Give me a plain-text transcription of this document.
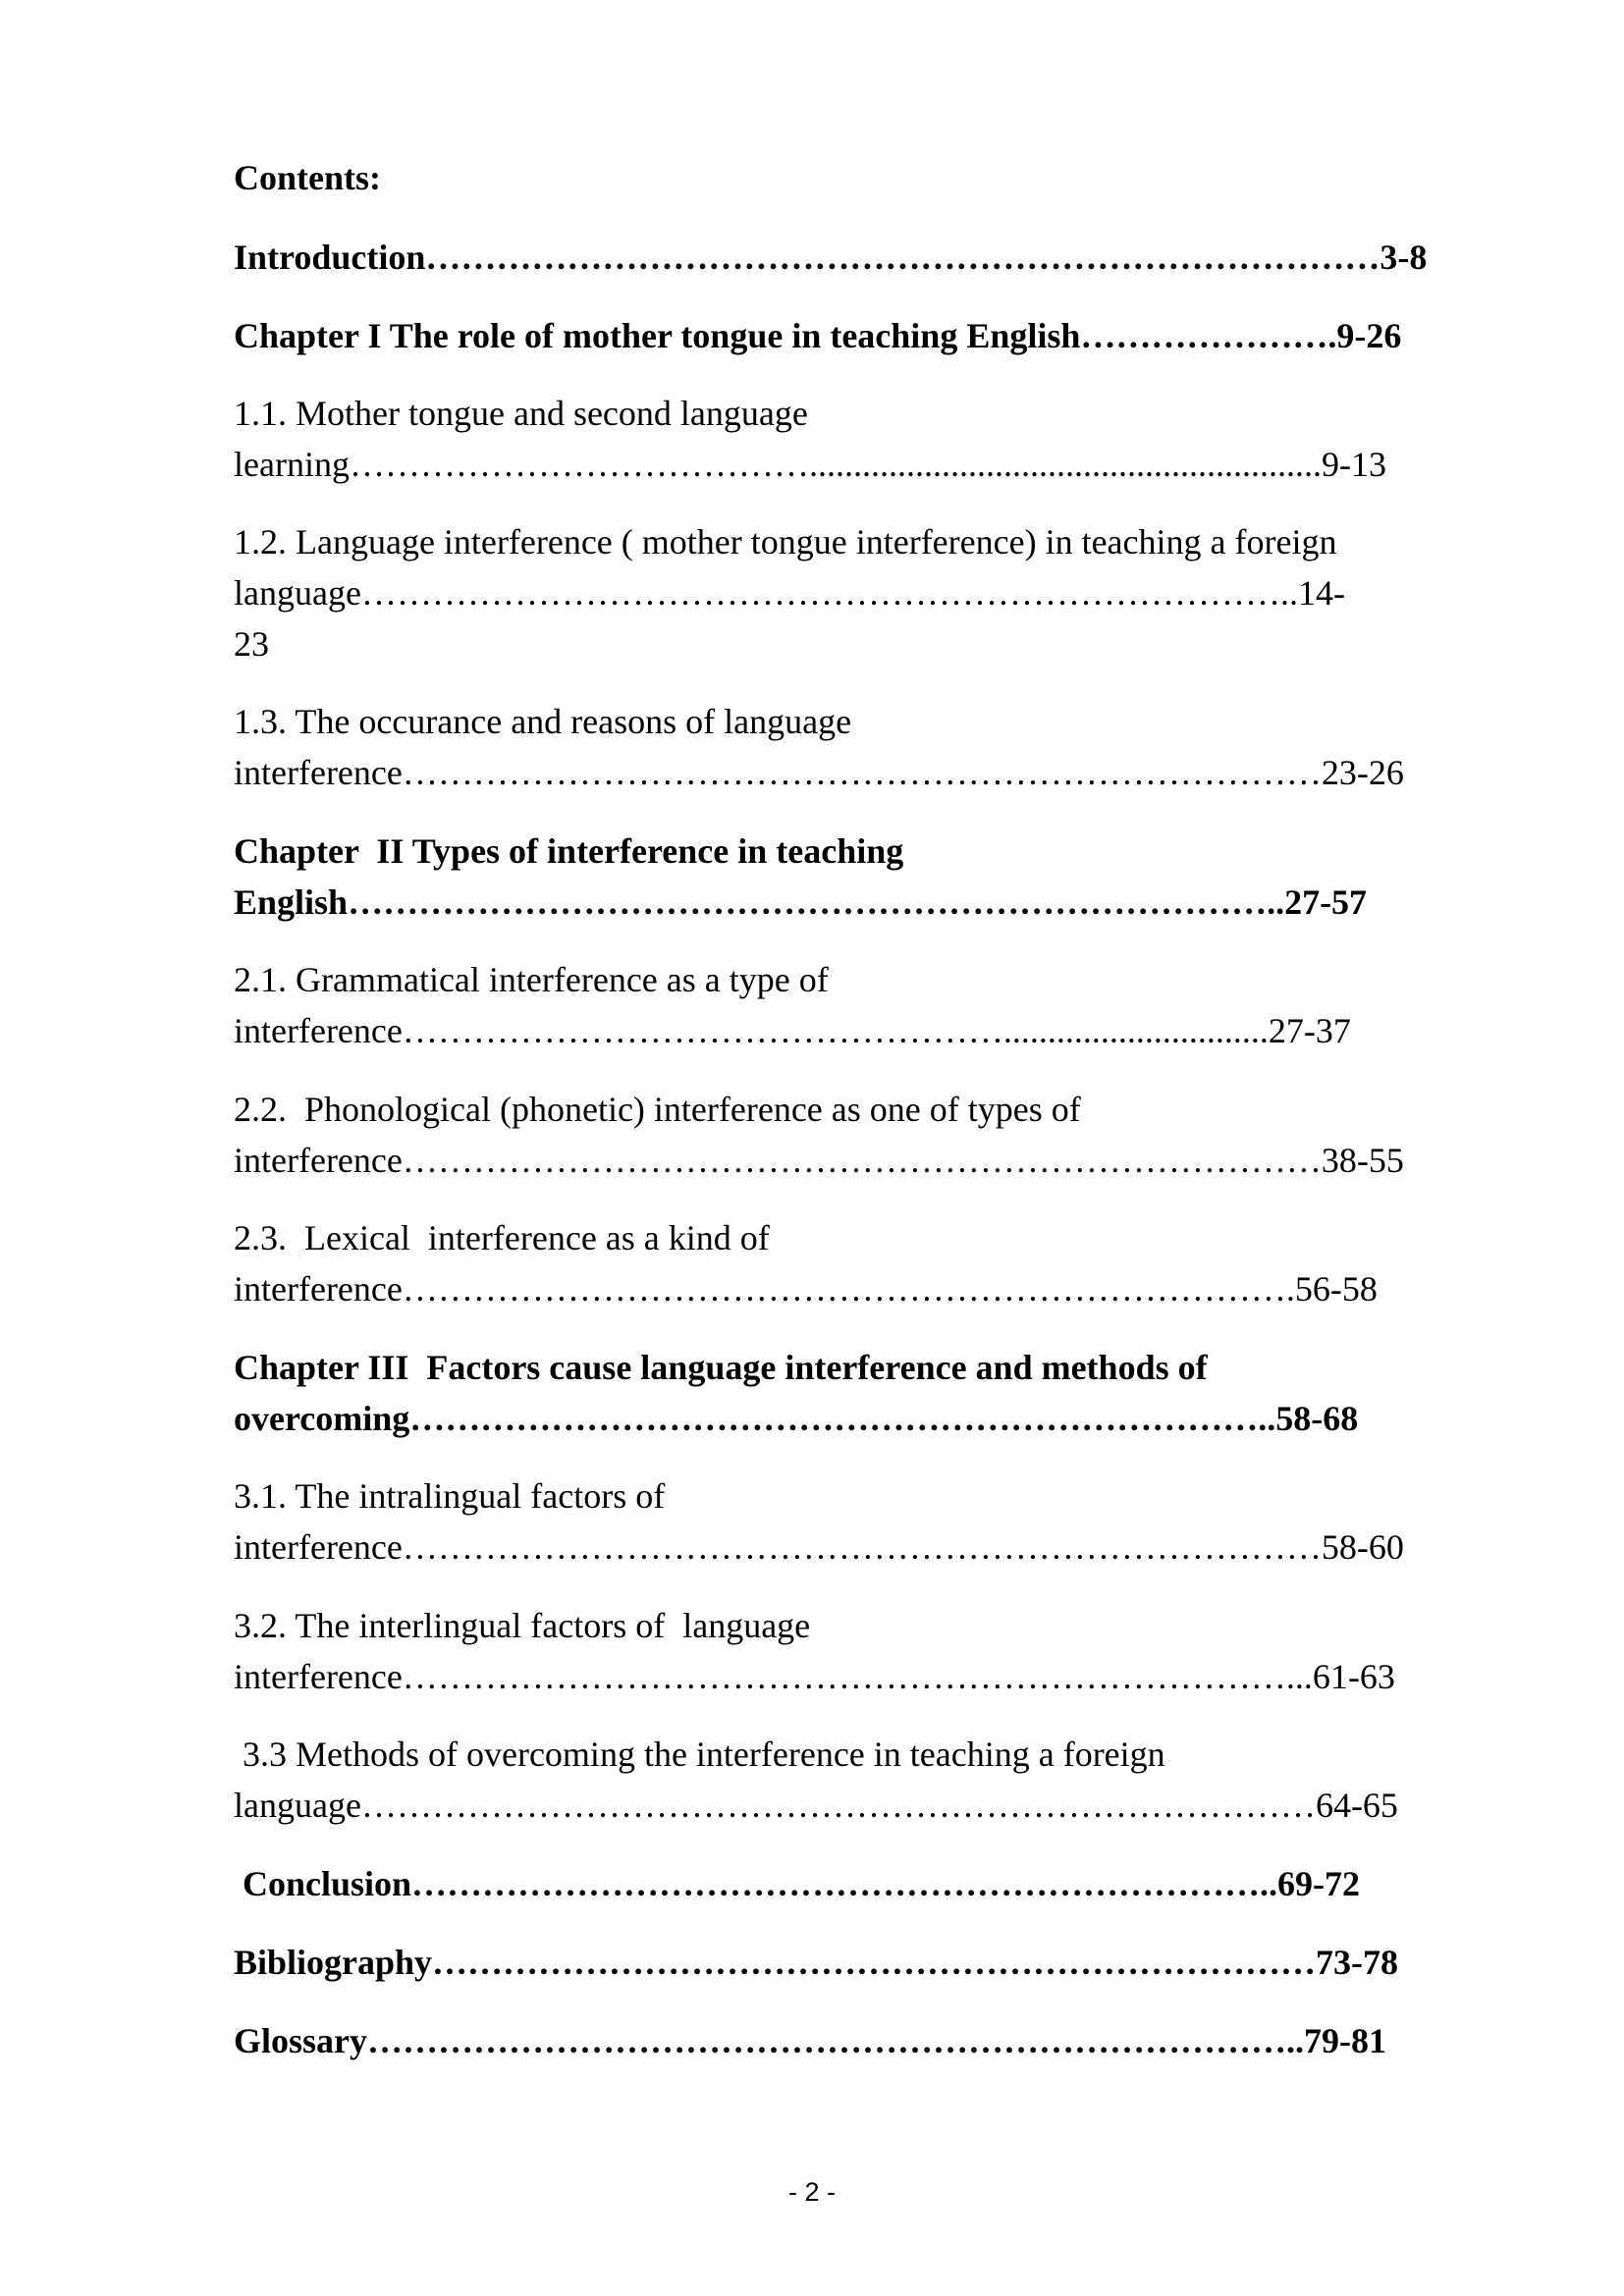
Contents:
Introduction………………………………………………………………………3-8
Chapter I The role of mother tongue in teaching English………………….9-26
1.1. Mother tongue and second language
learning…………………………………..........................................................9-13
1.2. Language interference ( mother tongue interference) in teaching a foreign
language……………………………………………………………………..14-
23
1.3. The occurance and reasons of language
interference……………………………………………………………………23-26
Chapter  II Types of interference in teaching
English……………………………………………………………………..27-57
2.1. Grammatical interference as a type of
interference……………………………………………..............................27-37
2.2.  Phonological (phonetic) interference as one of types of
interference……………………………………………………………………38-55
2.3.  Lexical  interference as a kind of
interference………………………………………………………………….56-58
Chapter III  Factors cause language interference and methods of
overcoming………………………………………………………………..58-68
3.1. The intralingual factors of
interference……………………………………………………………………58-60
3.2. The interlingual factors of  language
interference…………………………………………………………………...61-63
3.3 Methods of overcoming the interference in teaching a foreign
language………………………………………………………………………64-65
Conclusion………………………………………………………………..69-72
Bibliography…………………………………………………………………73-78
Glossary……………………………………………………………………..79-81
- 2 -
